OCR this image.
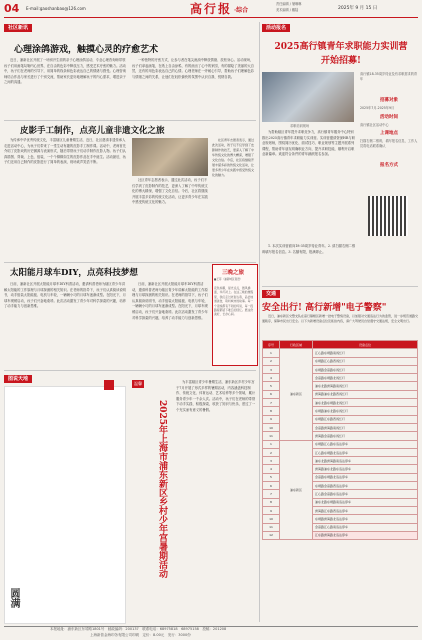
04 E-mail:gaoshanbao@126.com	高行报 ·综合
责任编辑 / 屠琳琳
美术编辑 / 戴陆	2025年 9 月 15 日
社区新讯
心理涂鸽游戏，触摸心灵的疗愈艺术
近日，浦新社区开展了一场别开生面的亲子心理涂鸽活动，专业心理咨询师带领孩子们用画笔勾勒内心世界，在自由的色彩中释放压力，感受艺术疗愈的魅力。活动中，孩子们在老师的引导下，用简单的线条和色彩表达自己的情绪与感受。心理咨询师结合作品与家长进行了个别交流，帮助家长更好地理解孩子的内心需求，增进亲子之间的沟通。
一种独特的疗愈方式，让参与者在笔尖流淌中释放情绪、放松身心。活动现场，孩子们拿起画笔，在纸上自由涂鸦，有的画出了心中的家园，有的描绘了美丽的大自然，还有的用色彩表达自己的心情。心理老师在一旁耐心引导，帮助孩子们理解色彩与情绪之间的关系，让他们在轻松愉快的氛围中认识自我、悦纳自我。
皮影手工制作，点亮儿童非遗文化之旅
为传承中华优秀传统文化，丰富辖区儿童暑期生活，近日，社区邀请非遗传承人走进活动中心，为孩子们带来了一堂生动有趣的皮影手工制作课。活动中，老师首先介绍了皮影戏的历史渊源与表演形式，随后带领孩子们动手制作皮影人物。孩子们认真描图、剪裁、上色、组装，一个个栩栩如生的皮影作品在手中诞生。活动最后，孩子们还用自己制作的皮影进行了简单的表演，现场欢声笑语不断。
社区青年志愿者表示，通过此次活动，孩子们不仅学到了皮影制作的技艺，更深入了解了中华传统文化的博大精深，增强了文化自信。今后，社区将继续开展丰富多彩的传统文化活动，让更多青少年在实践中感受传统文化的魅力。
太阳能月球车DIY，点亮科技梦想
日前，浦新社区开展太阳能月球车DIY科普活动，邀请科普老师为辖区青少年讲解太阳能的工作原理与月球探测的相关知识。在老师的指导下，孩子们认真阅读说明书，动手组装太阳能板、电机与车轮，一辆辆小巧的月球车逐渐成型。在阳光下，月球车缓缓启动，孩子们兴奋地欢呼。此次活动激发了青少年对科学探索的兴趣，培养了动手能力与创新思维。
日前，浦新社区开展太阳能月球车DIY科普活动，邀请科普老师为辖区青少年讲解太阳能的工作原理与月球探测的相关知识。在老师的指导下，孩子们认真阅读说明书，动手组装太阳能板、电机与车轮，一辆辆小巧的月球车逐渐成型。在阳光下，月球车缓缓启动，孩子们兴奋地欢呼。此次活动激发了青少年对科学探索的兴趣，培养了动手能力与创新思维。
三晚之旅
■王菲（浦新城区寄语）
夜色如墨，星光点点，微风拂面，华灯初上。在这三晚的旅程里，我们走过老街古巷，品尝地道美食，聆听城市的故事。每一个夜晚都有不同的风景，每一段路程都留下难忘的回忆。愿这份美好，长存心间。
社区青年志愿者表示，通过此次活动，孩子们不仅学到了皮影制作的技艺，更深入了解了中华传统文化的博大精深，增强了文化自信。今后，社区将继续开展丰富多彩的传统文化活动，让更多青少年在实践中感受传统文化的魅力。
图说天地
圆满
温馨
2025年上海市浦东新区乡村少年宫暑期活动
为丰富辖区青少年暑期生活，浦东新区乡村少年宫于7月开展了形式多样的暑期活动，内容涵盖科技制作、传统文化、体育运动、艺术培养等多个领域，累计服务青少年一千余人次。活动中，孩子们在老师的带领下动手实践、积极探索，收获了知识与快乐，度过了一个充实而有意义的暑假。
活动报名
2025高行镇青年求职能力实训营开始招募!
求职培训现场
为帮助辖区青年提升求职竞争力，高行镇青年服务中心特别推出2025高行镇青年求职能力实训营。实训营邀请资深HR与职业规划师，围绕简历优化、面试技巧、职业规划等主题开展系列课程，帮助青年朋友明确职业方向，提升求职技能，顺利开启职业新篇章。欢迎符合条件的青年踊跃报名参加。
1. 本次实训营面向18-35周岁待业青年。2. 请扫描右侧二维码填写报名信息。3. 名额有限，报满即止。
高行镇18-35周岁待业及有求职需求的青年
招募对象
2025年7月-2025年9月
活动时间
高行镇社区活动中心
上课地点
扫描右侧二维码，填写报名信息，工作人员将电话联系确认
报名方式
交通
安全出行! 高行新增"电子警察"
近日，浦东新区交警支队在高行镇辖区新增一批电子警察设备，以加强对交通违法行为的监管，进一步规范道路交通秩序，保障市民出行安全。以下为新增设备点位及抓拍内容，请广大驾驶员自觉遵守交通法规，安全文明出行。
序号	行政区域	设备点位
1	浦东新区	江心路东靖路南闯红灯
2		东靖路江心路西闯红灯
3		东靖路金高路东闯红灯
4		金高路东靖路北闯红灯
5		浦东北路洲海路南闯红灯
6		洲海路浦东北路西闯红灯
7		浦东北路东靖路北闯红灯
8		东靖路浦东北路东闯红灯
9		东靖路江东路西闯红灯
10		金高路洲海路南闯红灯
11		洲海路金高路东闯红灯
1	浦东新区	东靖路江心路东违法停车
2		江心路东靖路北违法停车
3		浦东北路洲海路南违法停车
4		洲海路浦东北路东违法停车
5		金高路东靖路北违法停车
6		东靖路金高路西违法停车
7		江心路金高路东违法停车
8		浦东北路东靖路南违法停车
9		洲海路江东路西违法停车
10		东靖路洲海路北违法停车
11		金高路江心路南违法停车
12		江东路洲海路北违法停车
本报地址：浦东新区东靖路1801号　邮政编码：200137　联系电话：68975818　68975158　投稿：201208
上海新普金海印务有限公司印刷　定价：8.00元　发行：3000份
